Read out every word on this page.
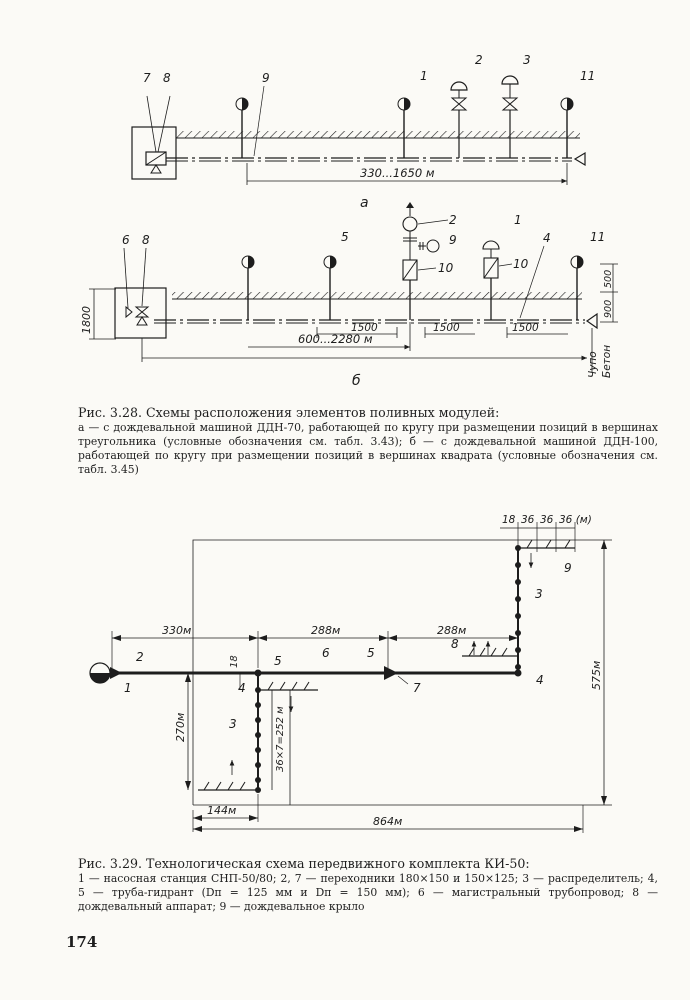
330...1650 м
7 8	9	1
2	3
11
а
1800
500
900
Чупо Бетон
1500	1500	1500
600...2280 м
6 8	5
2
9
1
10	10
4	11
б
575м
330м	288м	288м
18 36 36 36 (м)
18
270м	36×7=252 м
144м
864м
1
2	5
6	5
7
4
4
3
3
8
9
Рис. 3.28. Схемы расположения элементов поливных модулей:
а — с дождевальной машиной ДДН-70, работающей по кругу при размещении позиций в вершинах треугольника (условные обозначения см. табл. 3.43); б — с дождевальной машиной ДДН-100, работающей по кругу при размещении позиций в вершинах квадрата (условные обозначения см. табл. 3.45)
Рис. 3.29. Технологическая схема передвижного комплекта КИ-50:
1 — насосная станция СНП-50/80; 2, 7 — переходники 180×150 и 150×125; 3 — распределитель; 4, 5 — труба-гидрант (Dп = 125 мм и Dп = 150 мм); 6 — магистральный трубопровод; 8 — дождевальный аппарат; 9 — дождевальное крыло
174
